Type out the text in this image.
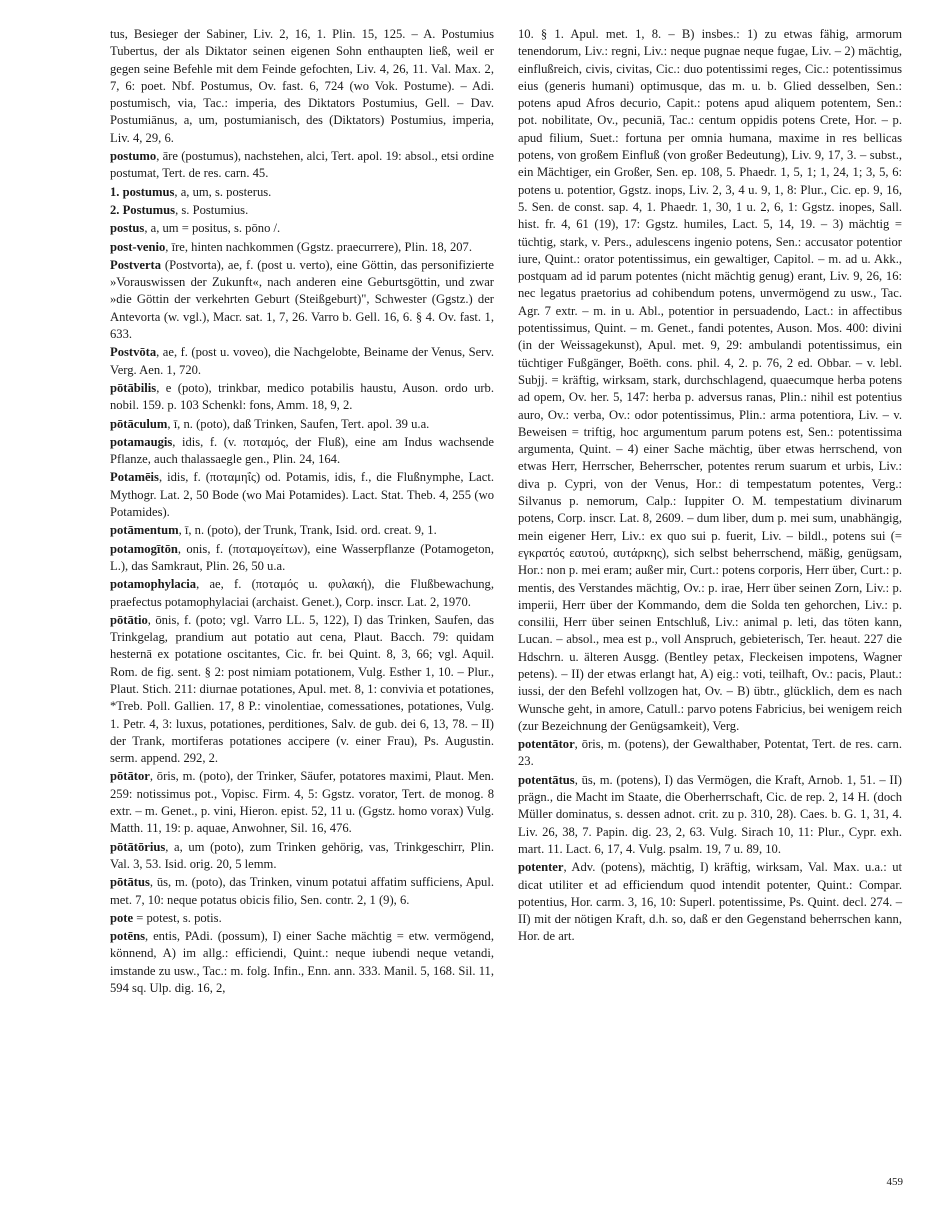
tus, Besieger der Sabiner, Liv. 2, 16, 1. Plin. 15, 125. – A. Postumius Tubertus, der als Diktator seinen eigenen Sohn enthaupten ließ, weil er gegen seine Befehle mit dem Feinde gefochten, Liv. 4, 26, 11. Val. Max. 2, 7, 6: poet. Nbf. Postumus, Ov. fast. 6, 724 (wo Vok. Postume). – Adi. postumisch, via, Tac.: imperia, des Diktators Postumius, Gell. – Dav. Postumiānus, a, um, postumianisch, des (Diktators) Postumius, imperia, Liv. 4, 29, 6.
postumo, āre (postumus), nachstehen, alci, Tert. apol. 19: absol., etsi ordine postumat, Tert. de res. carn. 45.
1. postumus, a, um, s. posterus.
2. Postumus, s. Postumius.
postus, a, um = positus, s. pōno /.
post-venio, īre, hinten nachkommen (Ggstz. praecurrere), Plin. 18, 207.
Postverta (Postvorta), ae, f. (post u. verto), eine Göttin, das personifizierte »Vorauswissen der Zukunft«, nach anderen eine Geburtsgöttin, und zwar »die Göttin der verkehrten Geburt (Steißgeburt)", Schwester (Ggstz.) der Antevorta (w. vgl.), Macr. sat. 1, 7, 26. Varro b. Gell. 16, 6. § 4. Ov. fast. 1, 633.
Postvōta, ae, f. (post u. voveo), die Nachgelobte, Beiname der Venus, Serv. Verg. Aen. 1, 720.
pōtābilis, e (poto), trinkbar, medico potabilis haustu, Auson. ordo urb. nobil. 159. p. 103 Schenkl: fons, Amm. 18, 9, 2.
pōtāculum, ī, n. (poto), daß Trinken, Saufen, Tert. apol. 39 u.a.
potamaugis, idis, f. (v. ποταμός, der Fluß), eine am Indus wachsende Pflanze, auch thalassaegle gen., Plin. 24, 164.
Potamēis, idis, f. (ποταμηΐς) od. Potamis, idis, f., die Flußnymphe, Lact. Mythogr. Lat. 2, 50 Bode (wo Mai Potamides). Lact. Stat. Theb. 4, 255 (wo Potamides).
potāmentum, ī, n. (poto), der Trunk, Trank, Isid. ord. creat. 9, 1.
potamogītōn, onis, f. (ποταμογείτων), eine Wasserpflanze (Potamogeton, L.), das Samkraut, Plin. 26, 50 u.a.
potamophylacia, ae, f. (ποταμός u. φυλακή), die Flußbewachung, praefectus potamophylaciai (archaist. Genet.), Corp. inscr. Lat. 2, 1970.
pōtātio, ōnis, f. (poto; vgl. Varro LL. 5, 122), I) das Trinken, Saufen, das Trinkgelag, prandium aut potatio aut cena, Plaut. Bacch. 79: quidam hesternā ex potatione oscitantes, Cic. fr. bei Quint. 8, 3, 66; vgl. Aquil. Rom. de fig. sent. § 2: post nimiam potationem, Vulg. Esther 1, 10. – Plur., Plaut. Stich. 211: diurnae potationes, Apul. met. 8, 1: convivia et potationes, *Treb. Poll. Gallien. 17, 8 P.: vinolentiae, comessationes, potationes, Vulg. 1. Petr. 4, 3: luxus, potationes, perditiones, Salv. de gub. dei 6, 13, 78. – II) der Trank, mortiferas potationes accipere (v. einer Frau), Ps. Augustin. serm. append. 292, 2.
pōtātor, ōris, m. (poto), der Trinker, Säufer, potatores maximi, Plaut. Men. 259: notissimus pot., Vopisc. Firm. 4, 5: Ggstz. vorator, Tert. de monog. 8 extr. – m. Genet., p. vini, Hieron. epist. 52, 11 u. (Ggstz. homo vorax) Vulg. Matth. 11, 19: p. aquae, Anwohner, Sil. 16, 476.
pōtātōrius, a, um (poto), zum Trinken gehörig, vas, Trinkgeschirr, Plin. Val. 3, 53. Isid. orig. 20, 5 lemm.
pōtātus, ūs, m. (poto), das Trinken, vinum potatui affatim sufficiens, Apul. met. 7, 10: neque potatus obicis filio, Sen. contr. 2, 1 (9), 6.
pote = potest, s. potis.
potēns, entis, PAdi. (possum), I) einer Sache mächtig = etw. vermögend, könnend, A) im allg.: efficiendi, Quint.: neque iubendi neque vetandi, imstande zu usw., Tac.: m. folg. Infin., Enn. ann. 333. Manil. 5, 168. Sil. 11, 594 sq. Ulp. dig. 16, 2,
10. § 1. Apul. met. 1, 8. – B) insbes.: 1) zu etwas fähig, armorum tenendorum, Liv.: regni, Liv.: neque pugnae neque fugae, Liv. – 2) mächtig, einflußreich, civis, civitas, Cic.: duo potentissimi reges, Cic.: potentissimus eius (generis humani) optimusque, das m. u. b. Glied desselben, Sen.: potens apud Afros decurio, Capit.: potens apud aliquem potentem, Sen.: pot. nobilitate, Ov., pecuniā, Tac.: centum oppidis potens Crete, Hor. – p. apud filium, Suet.: fortuna per omnia humana, maxime in res bellicas potens, von großem Einfluß (von großer Bedeutung), Liv. 9, 17, 3. – subst., ein Mächtiger, ein Großer, Sen. ep. 108, 5. Phaedr. 1, 5, 1; 1, 24, 1; 3, 5, 6: potens u. potentior, Ggstz. inops, Liv. 2, 3, 4 u. 9, 1, 8: Plur., Cic. ep. 9, 16, 5. Sen. de const. sap. 4, 1. Phaedr. 1, 30, 1 u. 2, 6, 1: Ggstz. inopes, Sall. hist. fr. 4, 61 (19), 17: Ggstz. humiles, Lact. 5, 14, 19. – 3) mächtig = tüchtig, stark, v. Pers., adulescens ingenio potens, Sen.: accusator potentior iure, Quint.: orator potentissimus, ein gewaltiger, Capitol. – m. ad u. Akk., postquam ad id parum potentes (nicht mächtig genug) erant, Liv. 9, 26, 16: nec legatus praetorius ad cohibendum potens, unvermögend zu usw., Tac. Agr. 7 extr. – m. in u. Abl., potentior in persuadendo, Lact.: in affectibus potentissimus, Quint. – m. Genet., fandi potentes, Auson. Mos. 400: divini (in der Weissagekunst), Apul. met. 9, 29: ambulandi potentissimus, ein tüchtiger Fußgänger, Boëth. cons. phil. 4, 2. p. 76, 2 ed. Obbar. – v. lebl. Subjj. = kräftig, wirksam, stark, durchschlagend, quaecumque herba potens ad opem, Ov. her. 5, 147: herba p. adversus ranas, Plin.: nihil est potentius auro, Ov.: verba, Ov.: odor potentissimus, Plin.: arma potentiora, Liv. – v. Beweisen = triftig, hoc argumentum parum potens est, Sen.: potentissima argumenta, Quint. – 4) einer Sache mächtig, über etwas herrschend, von etwas Herr, Herrscher, Beherrscher, potentes rerum suarum et urbis, Liv.: diva p. Cypri, von der Venus, Hor.: di tempestatum potentes, Verg.: Silvanus p. nemorum, Calp.: Iuppiter O. M. tempestatium divinarum potens, Corp. inscr. Lat. 8, 2609. – dum liber, dum p. mei sum, unabhängig, mein eigener Herr, Liv.: ex quo sui p. fuerit, Liv. – bildl., potens sui (= εγκρατός εαυτού, αυτάρκης), sich selbst beherrschend, mäßig, genügsam, Hor.: non p. mei eram; außer mir, Curt.: potens corporis, Herr über, Curt.: p. mentis, des Verstandes mächtig, Ov.: p. irae, Herr über seinen Zorn, Liv.: p. imperii, Herr über der Kommando, dem die Solda ten gehorchen, Liv.: p. consilii, Herr über seinen Entschluß, Liv.: animal p. leti, das töten kann, Lucan. – absol., mea est p., voll Anspruch, gebieterisch, Ter. heaut. 227 die Hdschrn. u. älteren Ausgg. (Bentley petax, Fleckeisen impotens, Wagner petens). – II) der etwas erlangt hat, A) eig.: voti, teilhaft, Ov.: pacis, Plaut.: iussi, der den Befehl vollzogen hat, Ov. – B) übtr., glücklich, dem es nach Wunsche geht, in amore, Catull.: parvo potens Fabricius, bei wenigem reich (zur Bezeichnung der Genügsamkeit), Verg.
potentātor, ōris, m. (potens), der Gewalthaber, Potentat, Tert. de res. carn. 23.
potentātus, ūs, m. (potens), I) das Vermögen, die Kraft, Arnob. 1, 51. – II) prägn., die Macht im Staate, die Oberherrschaft, Cic. de rep. 2, 14 H. (doch Müller dominatus, s. dessen adnot. crit. zu p. 310, 28). Caes. b. G. 1, 31, 4. Liv. 26, 38, 7. Papin. dig. 23, 2, 63. Vulg. Sirach 10, 11: Plur., Cypr. exh. mart. 11. Lact. 6, 17, 4. Vulg. psalm. 19, 7 u. 89, 10.
potenter, Adv. (potens), mächtig, I) kräftig, wirksam, Val. Max. u.a.: ut dicat utiliter et ad efficiendum quod intendit potenter, Quint.: Compar. potentius, Hor. carm. 3, 16, 10: Superl. potentissime, Ps. Quint. decl. 274. – II) mit der nötigen Kraft, d.h. so, daß er den Gegenstand beherrschen kann, Hor. de art.
459
